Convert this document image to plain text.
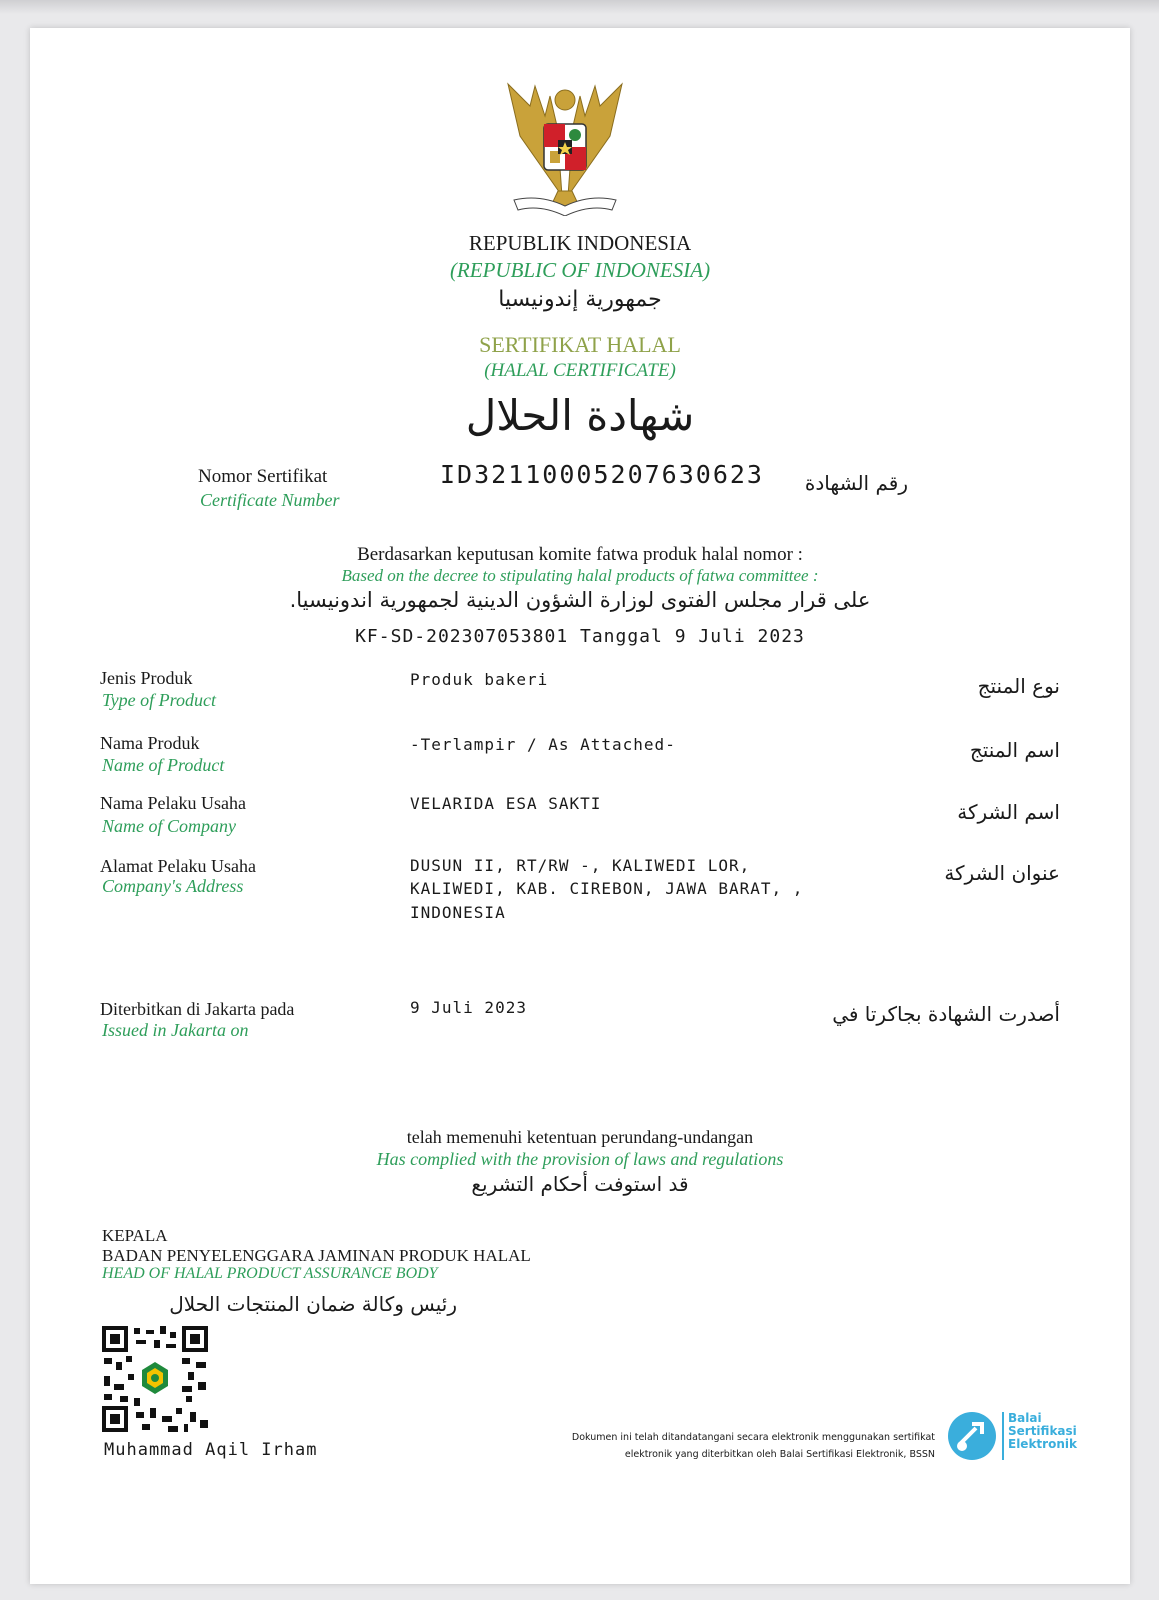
REPUBLIK INDONESIA
(REPUBLIC OF INDONESIA)
جمهورية إندونيسيا
SERTIFIKAT HALAL
(HALAL CERTIFICATE)
شهادة الحلال
Nomor Sertifikat
Certificate Number
ID32110005207630623	رقم الشهادة
Berdasarkan keputusan komite fatwa produk halal nomor :
Based on the decree to stipulating halal products of fatwa committee :
على قرار مجلس الفتوى لوزارة الشؤون الدينية لجمهورية اندونيسيا.
KF-SD-202307053801 Tanggal 9 Juli 2023
Jenis Produk
Type of Product
Produk bakeri	نوع المنتج
Nama Produk
Name of Product
-Terlampir / As Attached-	اسم المنتج
Nama Pelaku Usaha
Name of Company
VELARIDA ESA SAKTI	اسم الشركة
Alamat Pelaku Usaha
Company's Address
DUSUN II, RT/RW -, KALIWEDI LOR,
KALIWEDI, KAB. CIREBON, JAWA BARAT, ,
INDONESIA
عنوان الشركة
Diterbitkan di Jakarta pada
Issued in Jakarta on
9 Juli 2023	أصدرت الشهادة بجاكرتا في
telah memenuhi ketentuan perundang-undangan
Has complied with the provision of laws and regulations
قد استوفت أحكام التشريع
KEPALA
BADAN PENYELENGGARA JAMINAN PRODUK HALAL
HEAD OF HALAL PRODUCT ASSURANCE BODY
رئيس وكالة ضمان المنتجات الحلال
Muhammad Aqil Irham
Dokumen ini telah ditandatangani secara elektronik menggunakan sertifikat
elektronik yang diterbitkan oleh Balai Sertifikasi Elektronik, BSSN
Balai
Sertifikasi
Elektronik
